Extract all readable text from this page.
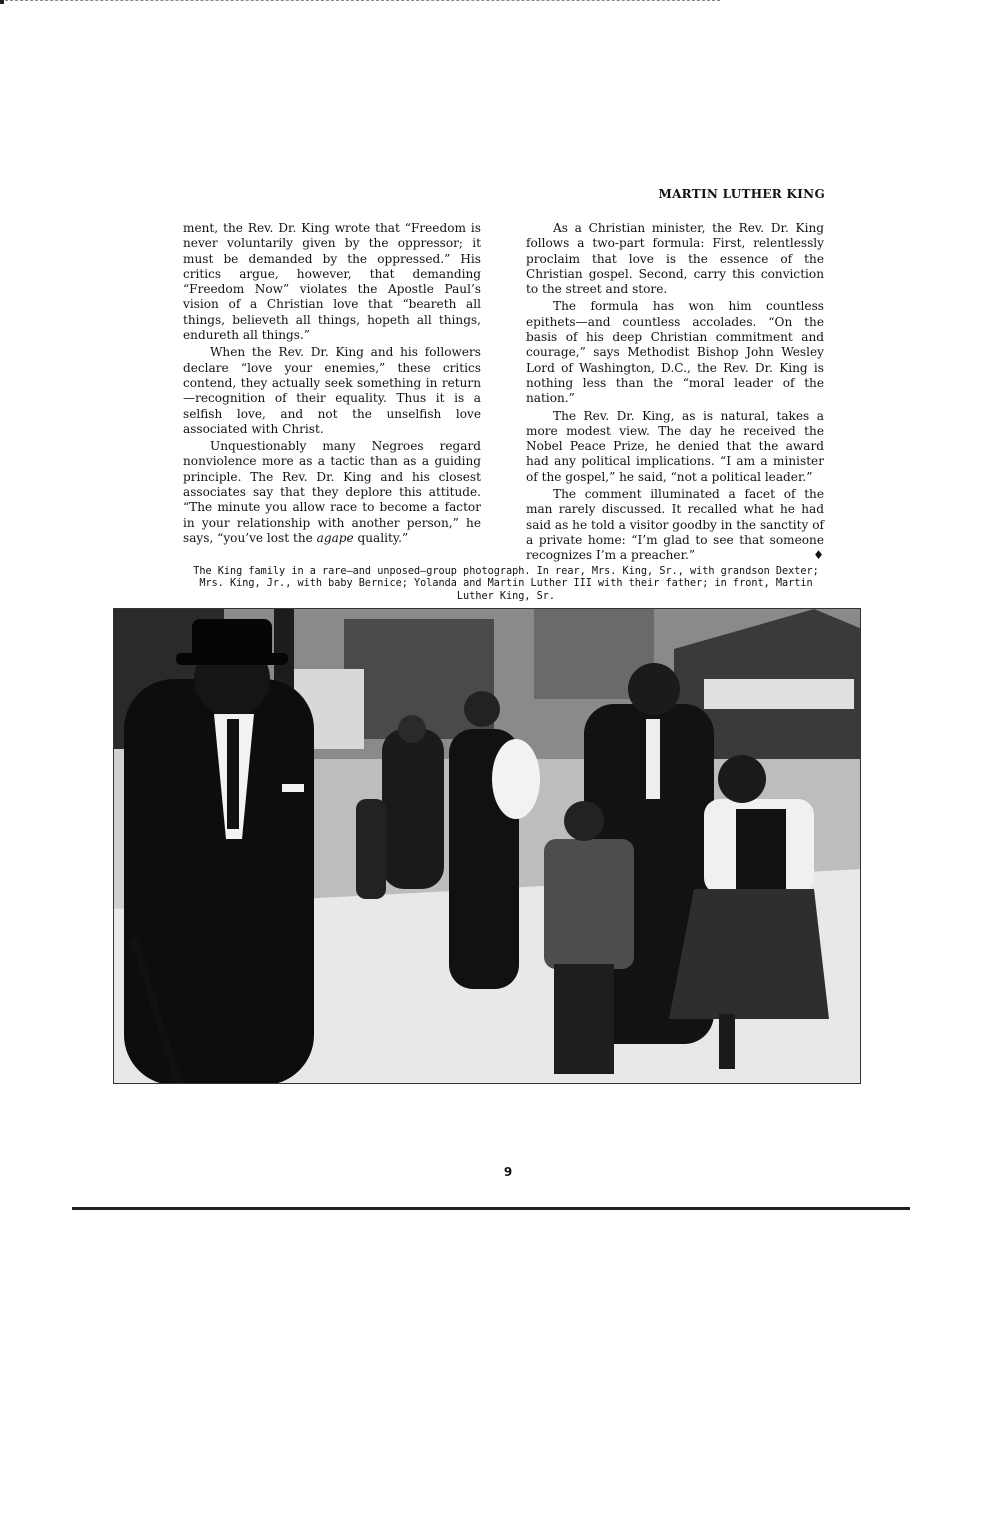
MARTIN LUTHER KING

ment, the Rev. Dr. King wrote that “Freedom is never voluntarily given by the oppressor; it must be demanded by the oppressed.” His critics argue, however, that demanding “Freedom Now” violates the Apostle Paul’s vision of a Christian love that “beareth all things, believeth all things, hopeth all things, endureth all things.”

When the Rev. Dr. King and his followers declare “love your enemies,” these critics contend, they actually seek something in return—recognition of their equality. Thus it is a selfish love, and not the unselfish love associated with Christ.

Unquestionably many Negroes regard nonviolence more as a tactic than as a guiding principle. The Rev. Dr. King and his closest associates say that they deplore this attitude. “The minute you allow race to become a factor in your relationship with another person,” he says, “you’ve lost the agape quality.”

As a Christian minister, the Rev. Dr. King follows a two-part formula: First, relentlessly proclaim that love is the essence of the Christian gospel. Second, carry this conviction to the street and store.

The formula has won him countless epithets—and countless accolades. “On the basis of his deep Christian commitment and courage,” says Methodist Bishop John Wesley Lord of Washington, D.C., the Rev. Dr. King is nothing less than the “moral leader of the nation.”

The Rev. Dr. King, as is natural, takes a more modest view. The day he received the Nobel Peace Prize, he denied that the award had any political implications. “I am a minister of the gospel,” he said, “not a political leader.”

The comment illuminated a facet of the man rarely discussed. It recalled what he had said as he told a visitor goodby in the sanctity of a private home: “I’m glad to see that someone recognizes I’m a preacher.”	♦

The King family in a rare—and unposed—group photograph. In rear, Mrs. King, Sr., with grandson Dexter; Mrs. King, Jr., with baby Bernice; Yolanda and Martin Luther III with their father; in front, Martin Luther King, Sr.
9
